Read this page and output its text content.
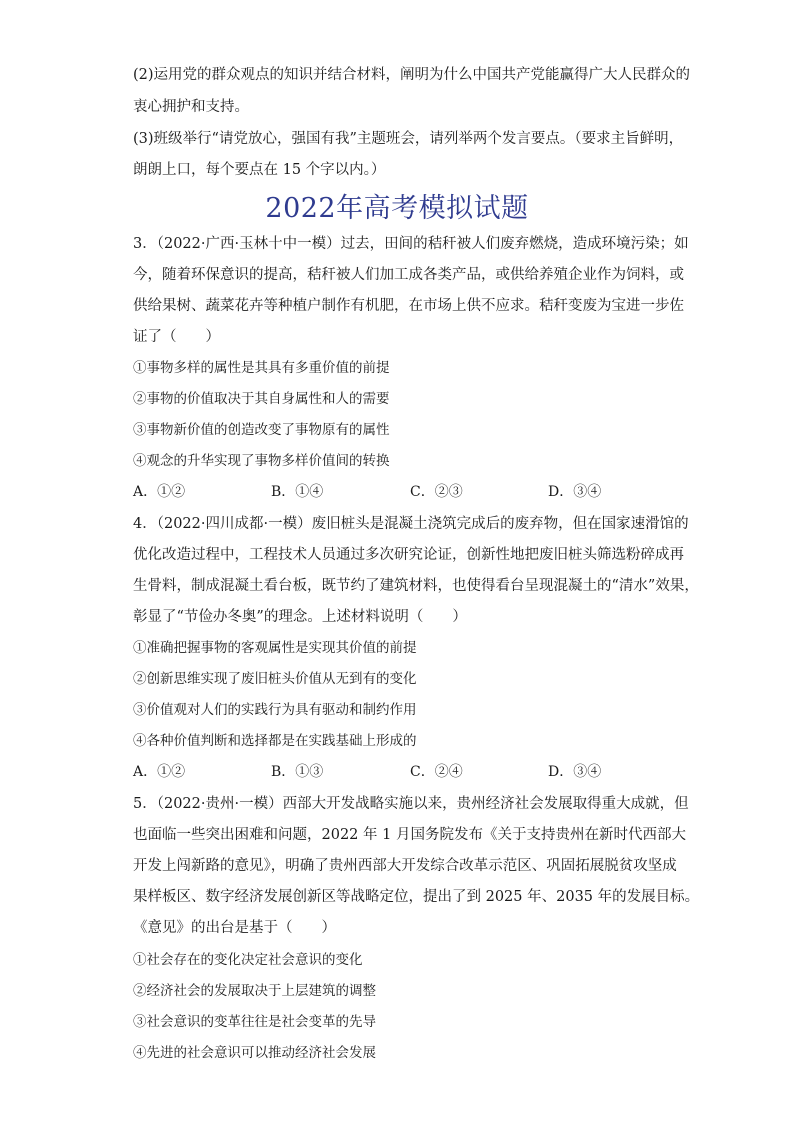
(2)运用党的群众观点的知识并结合材料，阐明为什么中国共产党能赢得广大人民群众的
衷心拥护和支持。
(3)班级举行“请党放心，强国有我”主题班会，请列举两个发言要点。（要求主旨鲜明，
朗朗上口，每个要点在 15 个字以内。）
2022年高考模拟试题
3．（2022·广西·玉林十中一模）过去，田间的秸秆被人们废弃燃烧，造成环境污染；如
今，随着环保意识的提高，秸秆被人们加工成各类产品，或供给养殖企业作为饲料，或
供给果树、蔬菜花卉等种植户制作有机肥，在市场上供不应求。秸秆变废为宝进一步佐
证了（　　）
①事物多样的属性是其具有多重价值的前提
②事物的价值取决于其自身属性和人的需要
③事物新价值的创造改变了事物原有的属性
④观念的升华实现了事物多样价值间的转换
A．①②	B．①④	C．②③	D．③④
4．（2022·四川成都·一模）废旧桩头是混凝土浇筑完成后的废弃物，但在国家速滑馆的
优化改造过程中，工程技术人员通过多次研究论证，创新性地把废旧桩头筛选粉碎成再
生骨料，制成混凝土看台板，既节约了建筑材料，也使得看台呈现混凝土的“清水”效果，
彰显了“节俭办冬奥”的理念。上述材料说明（　　）
①准确把握事物的客观属性是实现其价值的前提
②创新思维实现了废旧桩头价值从无到有的变化
③价值观对人们的实践行为具有驱动和制约作用
④各种价值判断和选择都是在实践基础上形成的
A．①②	B．①③	C．②④	D．③④
5．（2022·贵州·一模）西部大开发战略实施以来，贵州经济社会发展取得重大成就，但
也面临一些突出困难和问题，2022 年 1 月国务院发布《关于支持贵州在新时代西部大
开发上闯新路的意见》，明确了贵州西部大开发综合改革示范区、巩固拓展脱贫攻坚成
果样板区、数字经济发展创新区等战略定位，提出了到 2025 年、2035 年的发展目标。
《意见》的出台是基于（　　）
①社会存在的变化决定社会意识的变化
②经济社会的发展取决于上层建筑的调整
③社会意识的变革往往是社会变革的先导
④先进的社会意识可以推动经济社会发展
